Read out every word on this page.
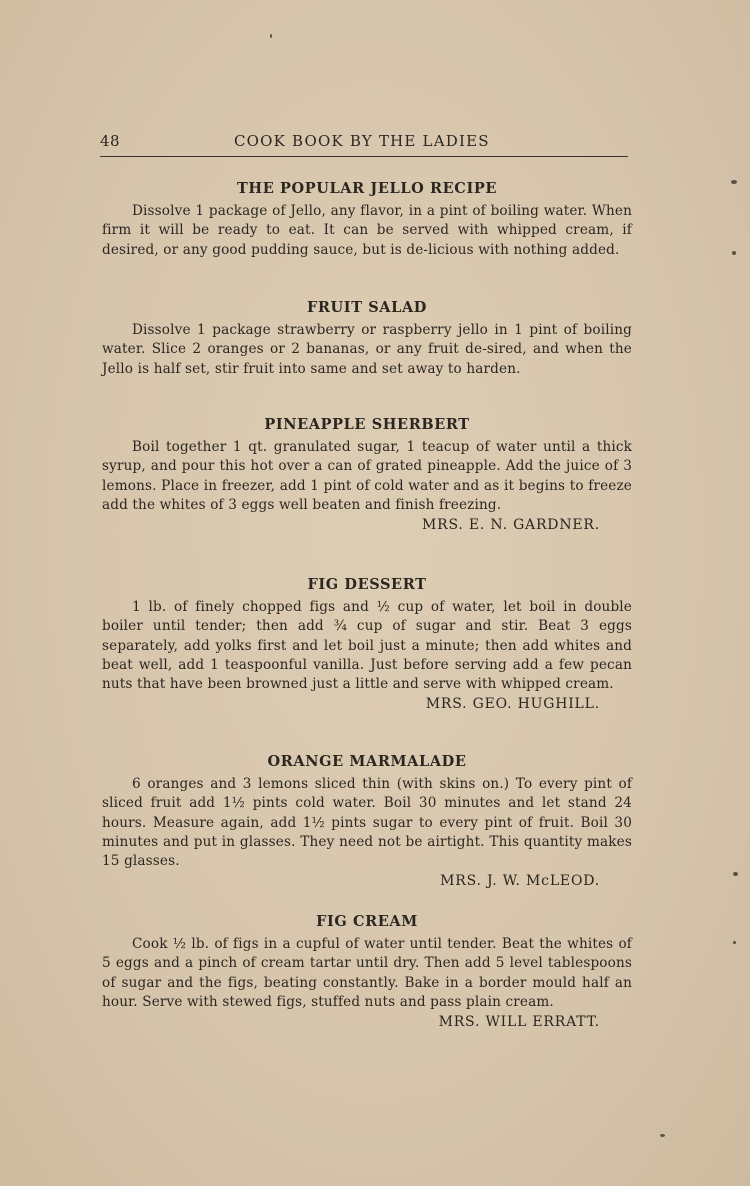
48	COOK BOOK BY THE LADIES
THE POPULAR JELLO RECIPE

Dissolve 1 package of Jello, any flavor, in a pint of boiling water. When firm it will be ready to eat. It can be served with whipped cream, if desired, or any good pudding sauce, but is de-licious with nothing added.

FRUIT SALAD

Dissolve 1 package strawberry or raspberry jello in 1 pint of boiling water. Slice 2 oranges or 2 bananas, or any fruit de-sired, and when the Jello is half set, stir fruit into same and set away to harden.

PINEAPPLE SHERBERT

Boil together 1 qt. granulated sugar, 1 teacup of water until a thick syrup, and pour this hot over a can of grated pineapple. Add the juice of 3 lemons. Place in freezer, add 1 pint of cold water and as it begins to freeze add the whites of 3 eggs well beaten and finish freezing.

MRS. E. N. GARDNER.

FIG DESSERT

1 lb. of finely chopped figs and ½ cup of water, let boil in double boiler until tender; then add ¾ cup of sugar and stir. Beat 3 eggs separately, add yolks first and let boil just a minute; then add whites and beat well, add 1 teaspoonful vanilla. Just before serving add a few pecan nuts that have been browned just a little and serve with whipped cream.

MRS. GEO. HUGHILL.

ORANGE MARMALADE

6 oranges and 3 lemons sliced thin (with skins on.) To every pint of sliced fruit add 1½ pints cold water. Boil 30 minutes and let stand 24 hours. Measure again, add 1½ pints sugar to every pint of fruit. Boil 30 minutes and put in glasses. They need not be airtight. This quantity makes 15 glasses.

MRS. J. W. McLEOD.

FIG CREAM

Cook ½ lb. of figs in a cupful of water until tender. Beat the whites of 5 eggs and a pinch of cream tartar until dry. Then add 5 level tablespoons of sugar and the figs, beating constantly. Bake in a border mould half an hour. Serve with stewed figs, stuffed nuts and pass plain cream.

MRS. WILL ERRATT.
